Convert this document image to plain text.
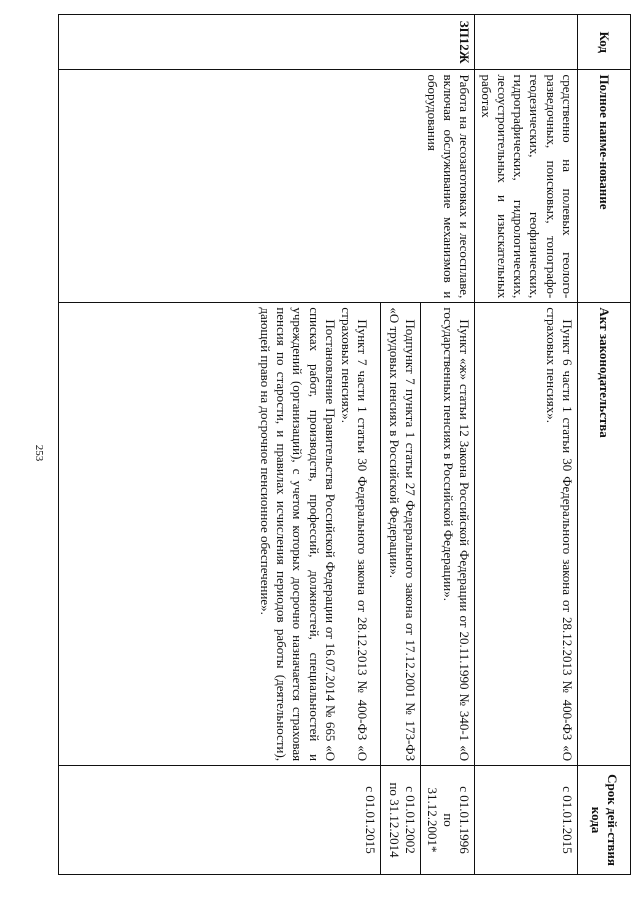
253
Код	Полное наиме-нование	Акт законодательства	Срок дей-ствия кода
	средственно на полевых геолого-разведочных, поисковых, топографо-геодезических, геофизических, гидрографических, гидрологических, лесоустроительных и изыскательных работах	Пункт 6 части 1 статьи 30 Федерального закона от 28.12.2013 № 400-ФЗ «О страховых пенсиях».	с 01.01.2015

ЗП12Ж	Работа на лесозаготовках и лесосплаве, включая обслуживание механизмов и оборудования	Пункт «ж» статьи 12 Закона Российской Федерации от 20.11.1990 № 340-1 «О государственных пенсиях в Российской Федерации».	с 01.01.1996
по
31.12.2001*

		Подпункт 7 пункта 1 статьи 27 Федерального закона от 17.12.2001 № 173-ФЗ «О трудовых пенсиях в Российской Федерации».	с 01.01.2002
по 31.12.2014

		Пункт 7 части 1 статьи 30 Федерального закона от 28.12.2013 № 400-ФЗ «О страховых пенсиях».
Постановление Правительства Российской Федерации от 16.07.2014 № 665 «О списках работ, производств, профессий, должностей, специальностей и учреждений (организаций), с учетом которых досрочно назначается страховая пенсия по старости, и правилах исчисления периодов работы (деятельности), дающей право на досрочное пенсионное обеспечение».	с 01.01.2015
